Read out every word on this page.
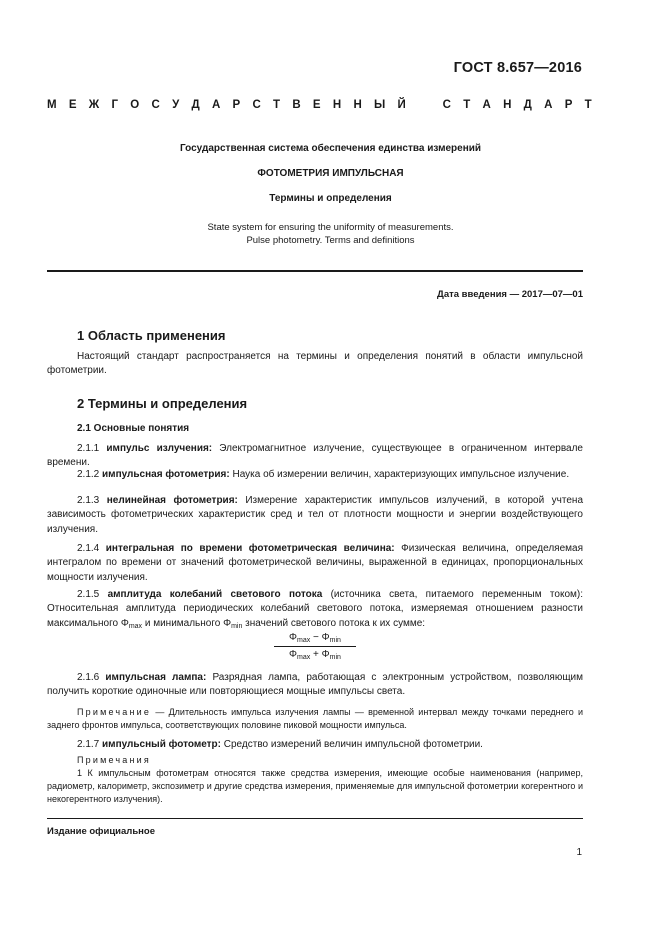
ГОСТ 8.657—2016
М Е Ж Г О С У Д А Р С Т В Е Н Н Ы Й	С Т А Н Д А Р Т
Государственная система обеспечения единства измерений
ФОТОМЕТРИЯ ИМПУЛЬСНАЯ
Термины и определения
State system for ensuring the uniformity of measurements.
Pulse photometry. Terms and definitions
Дата введения — 2017—07—01
1 Область применения

Настоящий стандарт распространяется на термины и определения понятий в области импульсной фотометрии.

2 Термины и определения
2.1 Основные понятия

2.1.1 импульс излучения: Электромагнитное излучение, существующее в ограниченном интервале времени.

2.1.2 импульсная фотометрия: Наука об измерении величин, характеризующих импульсное излучение.

2.1.3 нелинейная фотометрия: Измерение характеристик импульсов излучений, в которой учтена зависимость фотометрических характеристик сред и тел от плотности мощности и энергии воздействующего излучения.

2.1.4 интегральная по времени фотометрическая величина: Физическая величина, определяемая интегралом по времени от значений фотометрической величины, выраженной в единицах, пропорциональных мощности излучения.

2.1.5 амплитуда колебаний светового потока (источника света, питаемого переменным током): Относительная амплитуда периодических колебаний светового потока, измеряемая отношением разности максимального $\Phi_{max}$ и минимального $\Phi_{min}$ значений светового потока к их сумме:

$\Phi_{max} - \Phi_{min}$
$\Phi_{max} + \Phi_{min}$

2.1.6 импульсная лампа: Разрядная лампа, работающая с электронным устройством, позволяющим получить короткие одиночные или повторяющиеся мощные импульсы света.

Примечание — Длительность импульса излучения лампы — временной интервал между точками переднего и заднего фронтов импульса, соответствующих половине пиковой мощности импульса.

2.1.7 импульсный фотометр: Средство измерений величин импульсной фотометрии.

Примечания

1 К импульсным фотометрам относятся также средства измерения, имеющие особые наименования (например, радиометр, калориметр, экспозиметр и другие средства измерения, применяемые для импульсной фотометрии когерентного и некогерентного излучения).

Издание официальное
1
